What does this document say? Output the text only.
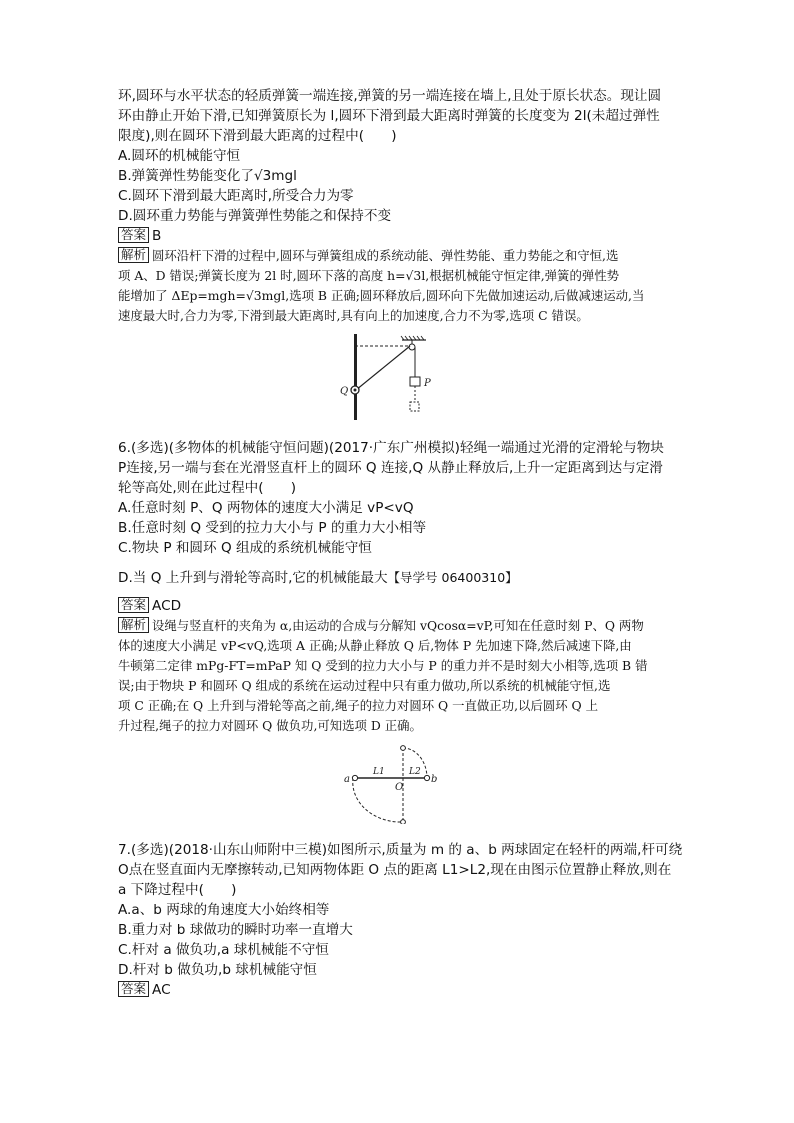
环,圆环与水平状态的轻质弹簧一端连接,弹簧的另一端连接在墙上,且处于原长状态。现让圆
环由静止开始下滑,已知弹簧原长为 l,圆环下滑到最大距离时弹簧的长度变为 2l(未超过弹性
限度),则在圆环下滑到最大距离的过程中(　　)
A.圆环的机械能守恒
B.弹簧弹性势能变化了√3mgl
C.圆环下滑到最大距离时,所受合力为零
D.圆环重力势能与弹簧弹性势能之和保持不变
答案 B
解析 圆环沿杆下滑的过程中,圆环与弹簧组成的系统动能、弹性势能、重力势能之和守恒,选
项 A、D 错误;弹簧长度为 2l 时,圆环下落的高度 h=√3l,根据机械能守恒定律,弹簧的弹性势
能增加了 ΔEp=mgh=√3mgl,选项 B 正确;圆环释放后,圆环向下先做加速运动,后做减速运动,当
速度最大时,合力为零,下滑到最大距离时,具有向上的加速度,合力不为零,选项 C 错误。
Q
P
6.(多选)(多物体的机械能守恒问题)(2017·广东广州模拟)轻绳一端通过光滑的定滑轮与物块
P连接,另一端与套在光滑竖直杆上的圆环 Q 连接,Q 从静止释放后,上升一定距离到达与定滑
轮等高处,则在此过程中(　　)
A.任意时刻 P、Q 两物体的速度大小满足 vP<vQ
B.任意时刻 Q 受到的拉力大小与 P 的重力大小相等
C.物块 P 和圆环 Q 组成的系统机械能守恒
D.当 Q 上升到与滑轮等高时,它的机械能最大【导学号 06400310】
答案 ACD
解析 设绳与竖直杆的夹角为 α,由运动的合成与分解知 vQcosα=vP,可知在任意时刻 P、Q 两物
体的速度大小满足 vP<vQ,选项 A 正确;从静止释放 Q 后,物体 P 先加速下降,然后减速下降,由
牛顿第二定律 mPg-FT=mPaP 知 Q 受到的拉力大小与 P 的重力并不是时刻大小相等,选项 B 错
误;由于物块 P 和圆环 Q 组成的系统在运动过程中只有重力做功,所以系统的机械能守恒,选
项 C 正确;在 Q 上升到与滑轮等高之前,绳子的拉力对圆环 Q 一直做正功,以后圆环 Q 上
升过程,绳子的拉力对圆环 Q 做负功,可知选项 D 正确。
a	b
O
L1	L2
7.(多选)(2018·山东山师附中三模)如图所示,质量为 m 的 a、b 两球固定在轻杆的两端,杆可绕
O点在竖直面内无摩擦转动,已知两物体距 O 点的距离 L1>L2,现在由图示位置静止释放,则在
a 下降过程中(　　)
A.a、b 两球的角速度大小始终相等
B.重力对 b 球做功的瞬时功率一直增大
C.杆对 a 做负功,a 球机械能不守恒
D.杆对 b 做负功,b 球机械能守恒
答案 AC
